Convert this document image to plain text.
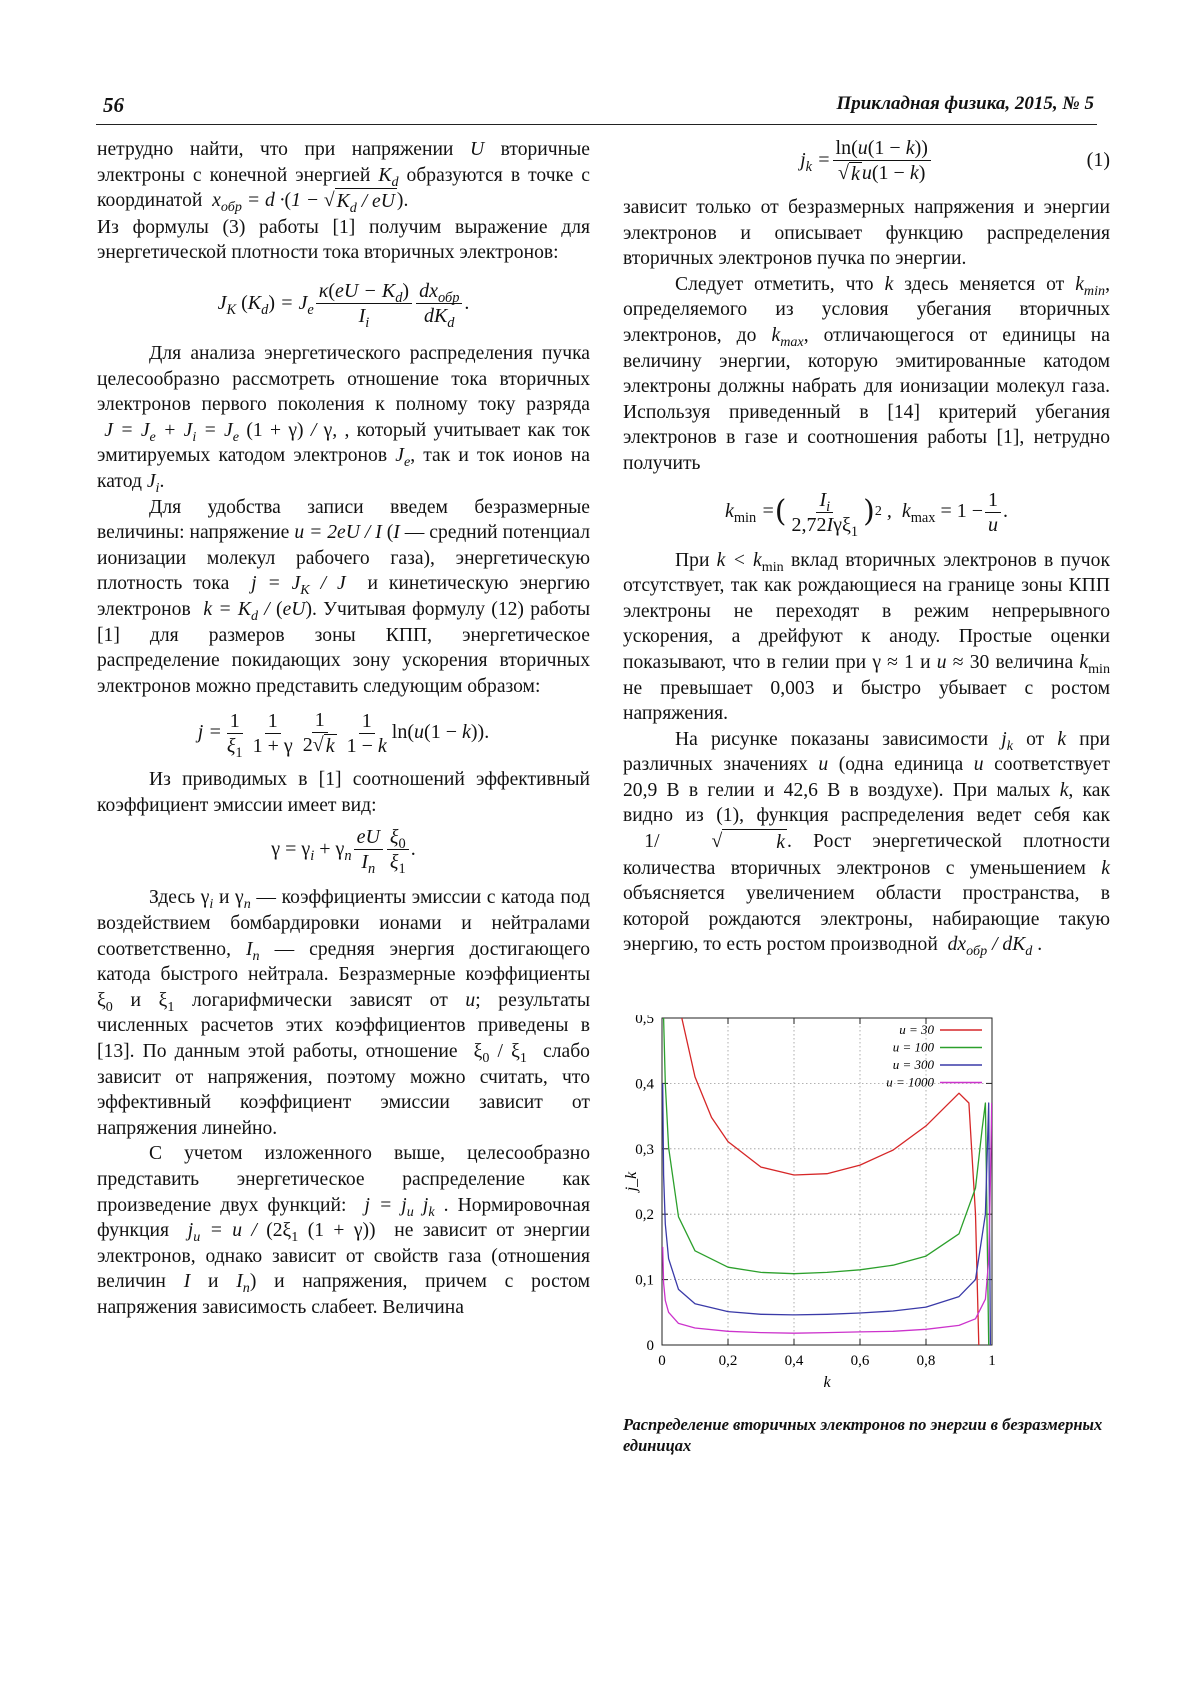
56	Прикладная физика, 2015, № 5

нетрудно найти, что при напряжении U вторичные электроны с конечной энергией $K_d$ образуются в точке с координатой  $x_{обр} = d \cdot(1$ − √ $K_d$ / eU ).

Из формулы (3) работы [1] получим выражение для энергетической плотности тока вторичных электронов:

$J_K$ $(K_d) = J_e \frac{\kappa(eU - K_d)}{I_i} \frac{dx_{обр}}{dK_d}$ .

Для анализа энергетического распределения пучка целесообразно рассмотреть отношение тока вторичных электронов первого поколения к полному току разряда  $J = J_e + J_i = J_e$ (1 + γ) / γ, , который учитывает как ток эмитируемых катодом электронов $J_e$, так и ток ионов на катод $J_i$.

Для удобства записи введем безразмерные величины: напряжение u = 2eU / I (I — средний потенциал ионизации молекул рабочего газа), энергетическую плотность тока  $j = J_K / J$  и кинетическую энергию электронов  $k = K_d / (eU)$. Учитывая формулу (12) работы [1] для размеров зоны КПП, энергетическое распределение покидающих зону ускорения вторичных электронов можно представить следующим образом:

$j = \frac{1}{\xi_1} \frac{1}{1 + \gamma} \frac{1}{2 √ k} \frac{1}{1 - k} \ln(u(1 - k))$.

Из приводимых в [1] соотношений эффективный коэффициент эмиссии имеет вид:

$\gamma = \gamma_i + \gamma_n \frac{eU}{I_n} \frac{\xi_0}{\xi_1}$ .

Здесь $\gamma_i$ и $\gamma_n$ — коэффициенты эмиссии с катода под воздействием бомбардировки ионами и нейтралами соответственно, $I_n$ — средняя энергия достигающего катода быстрого нейтрала. Безразмерные коэффициенты $\xi_0$ и $\xi_1$ логарифмически зависят от u; результаты численных расчетов этих коэффициентов приведены в [13]. По данным этой работы, отношение  $\xi_0 / \xi_1$ слабо зависит от напряжения, поэтому можно считать, что эффективный коэффициент эмиссии зависит от напряжения линейно.

С учетом изложенного выше, целесообразно представить энергетическое распределение как произведение двух функций:  $j = j_u$ $j_k$ . Нормировочная функция  $j_u = u / (2\xi_1$ (1 + γ)) не зависит от энергии электронов, однако зависит от свойств газа (отношения величин I и $I_n$) и напряжения, причем с ростом напряжения зависимость слабеет. Величина

$j_k = \frac{\ln(u(1 - k))}{\text{√ k u(1 − k)}}$	(1)

зависит только от безразмерных напряжения и энергии электронов и описывает функцию распределения вторичных электронов пучка по энергии.

Следует отметить, что k здесь меняется от $k_{min}$, определяемого из условия убегания вторичных электронов, до $k_{max}$, отличающегося от единицы на величину энергии, которую эмитированные катодом электроны должны набрать для ионизации молекул газа. Используя приведенный в [14] критерий убегания электронов в газе и соотношения работы [1], нетрудно получить

$k_{min}$ = ( $\frac{I_i}{2,72I\gamma\xi_1}$ ) 2 ,  $k_{max} = 1 - \frac{1}{u}$ .

При $k < k_{min}$ вклад вторичных электронов в пучок отсутствует, так как рождающиеся на границе зоны КПП электроны не переходят в режим непрерывного ускорения, а дрейфуют к аноду. Простые оценки показывают, что в гелии при γ ≈ 1 и u ≈ 30 величина $k_{min}$ не превышает 0,003 и быстро убывает с ростом напряжения.

На рисунке показаны зависимости $j_k$ от k при различных значениях u (одна единица u соответствует 20,9 В в гелии и 42,6 В в воздухе). При малых k, как видно из (1), функция распределения ведет себя как  1/	√	k . Рост энергетической плотности количества вторичных электронов с уменьшением k объясняется увеличением области пространства, в которой рождаются электроны, набирающие такую энергию, то есть ростом производной  $dx_{обр} / dK_d$ .

0	0,2	0,4	0,6	0,8	1
0
0,1
0,2
0,3
0,4
0,5
k
j_k
u = 30
u = 100
u = 300
u = 1000
Распределение вторичных электронов по энергии в безразмерных единицах
